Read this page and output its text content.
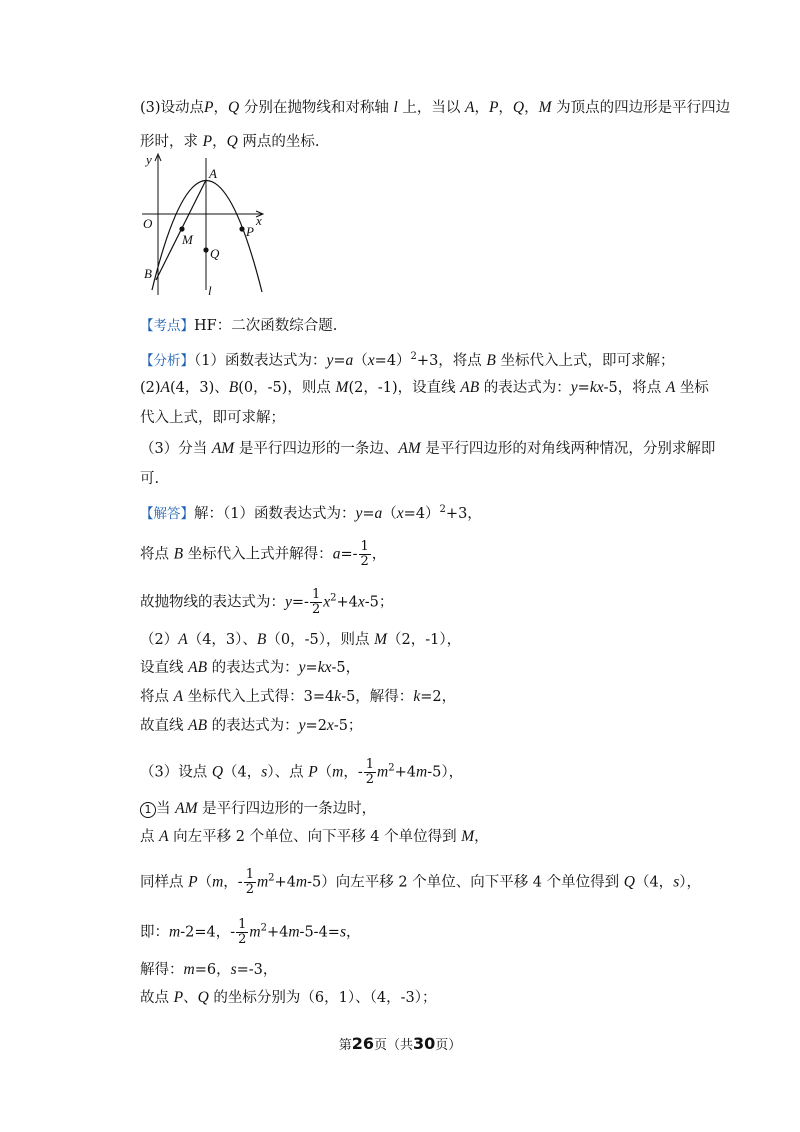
(3)设动点P，Q 分别在抛物线和对称轴 l 上，当以 A，P，Q，M 为顶点的四边形是平行四边
形时，求 P，Q 两点的坐标.
y
x
O
A
M
Q
P
B
l
【考点】HF：二次函数综合题.
【分析】（1）函数表达式为：y=a（x=4）$^2$+3，将点 B 坐标代入上式，即可求解；
(2)A(4，3)、B(0，-5)，则点 M(2，-1)，设直线 AB 的表达式为：y=kx-5，将点 A 坐标
代入上式，即可求解；
（3）分当 AM 是平行四边形的一条边、AM 是平行四边形的对角线两种情况，分别求解即
可.
【解答】解：（1）函数表达式为：y=a（x=4）$^2$+3，
将点 B 坐标代入上式并解得：$a=- \frac{1}{2}$ ，
故抛物线的表达式为：$y=- \frac{1}{2} x^2+4x-5$；
（2）A（4，3）、B（0，-5），则点 M（2，-1），
设直线 AB 的表达式为：y=kx-5，
将点 A 坐标代入上式得：3=4k-5，解得：k=2，
故直线 AB 的表达式为：y=2x-5；
（3）设点 Q（4，s）、点 P（m，- $\frac{1}{2} m^2+4m-5$），
1 当 AM 是平行四边形的一条边时，
点 A 向左平移 2 个单位、向下平移 4 个单位得到 M，
同样点 P（m，- $\frac{1}{2} m^2+4m-5$）向左平移 2 个单位、向下平移 4 个单位得到 Q（4，s），
即：m-2=4，- $\frac{1}{2} m^2+4m-5-4=s$，
解得：m=6，s=-3，
故点 P、Q 的坐标分别为（6，1）、（4，-3）；
第26页（共30页）
